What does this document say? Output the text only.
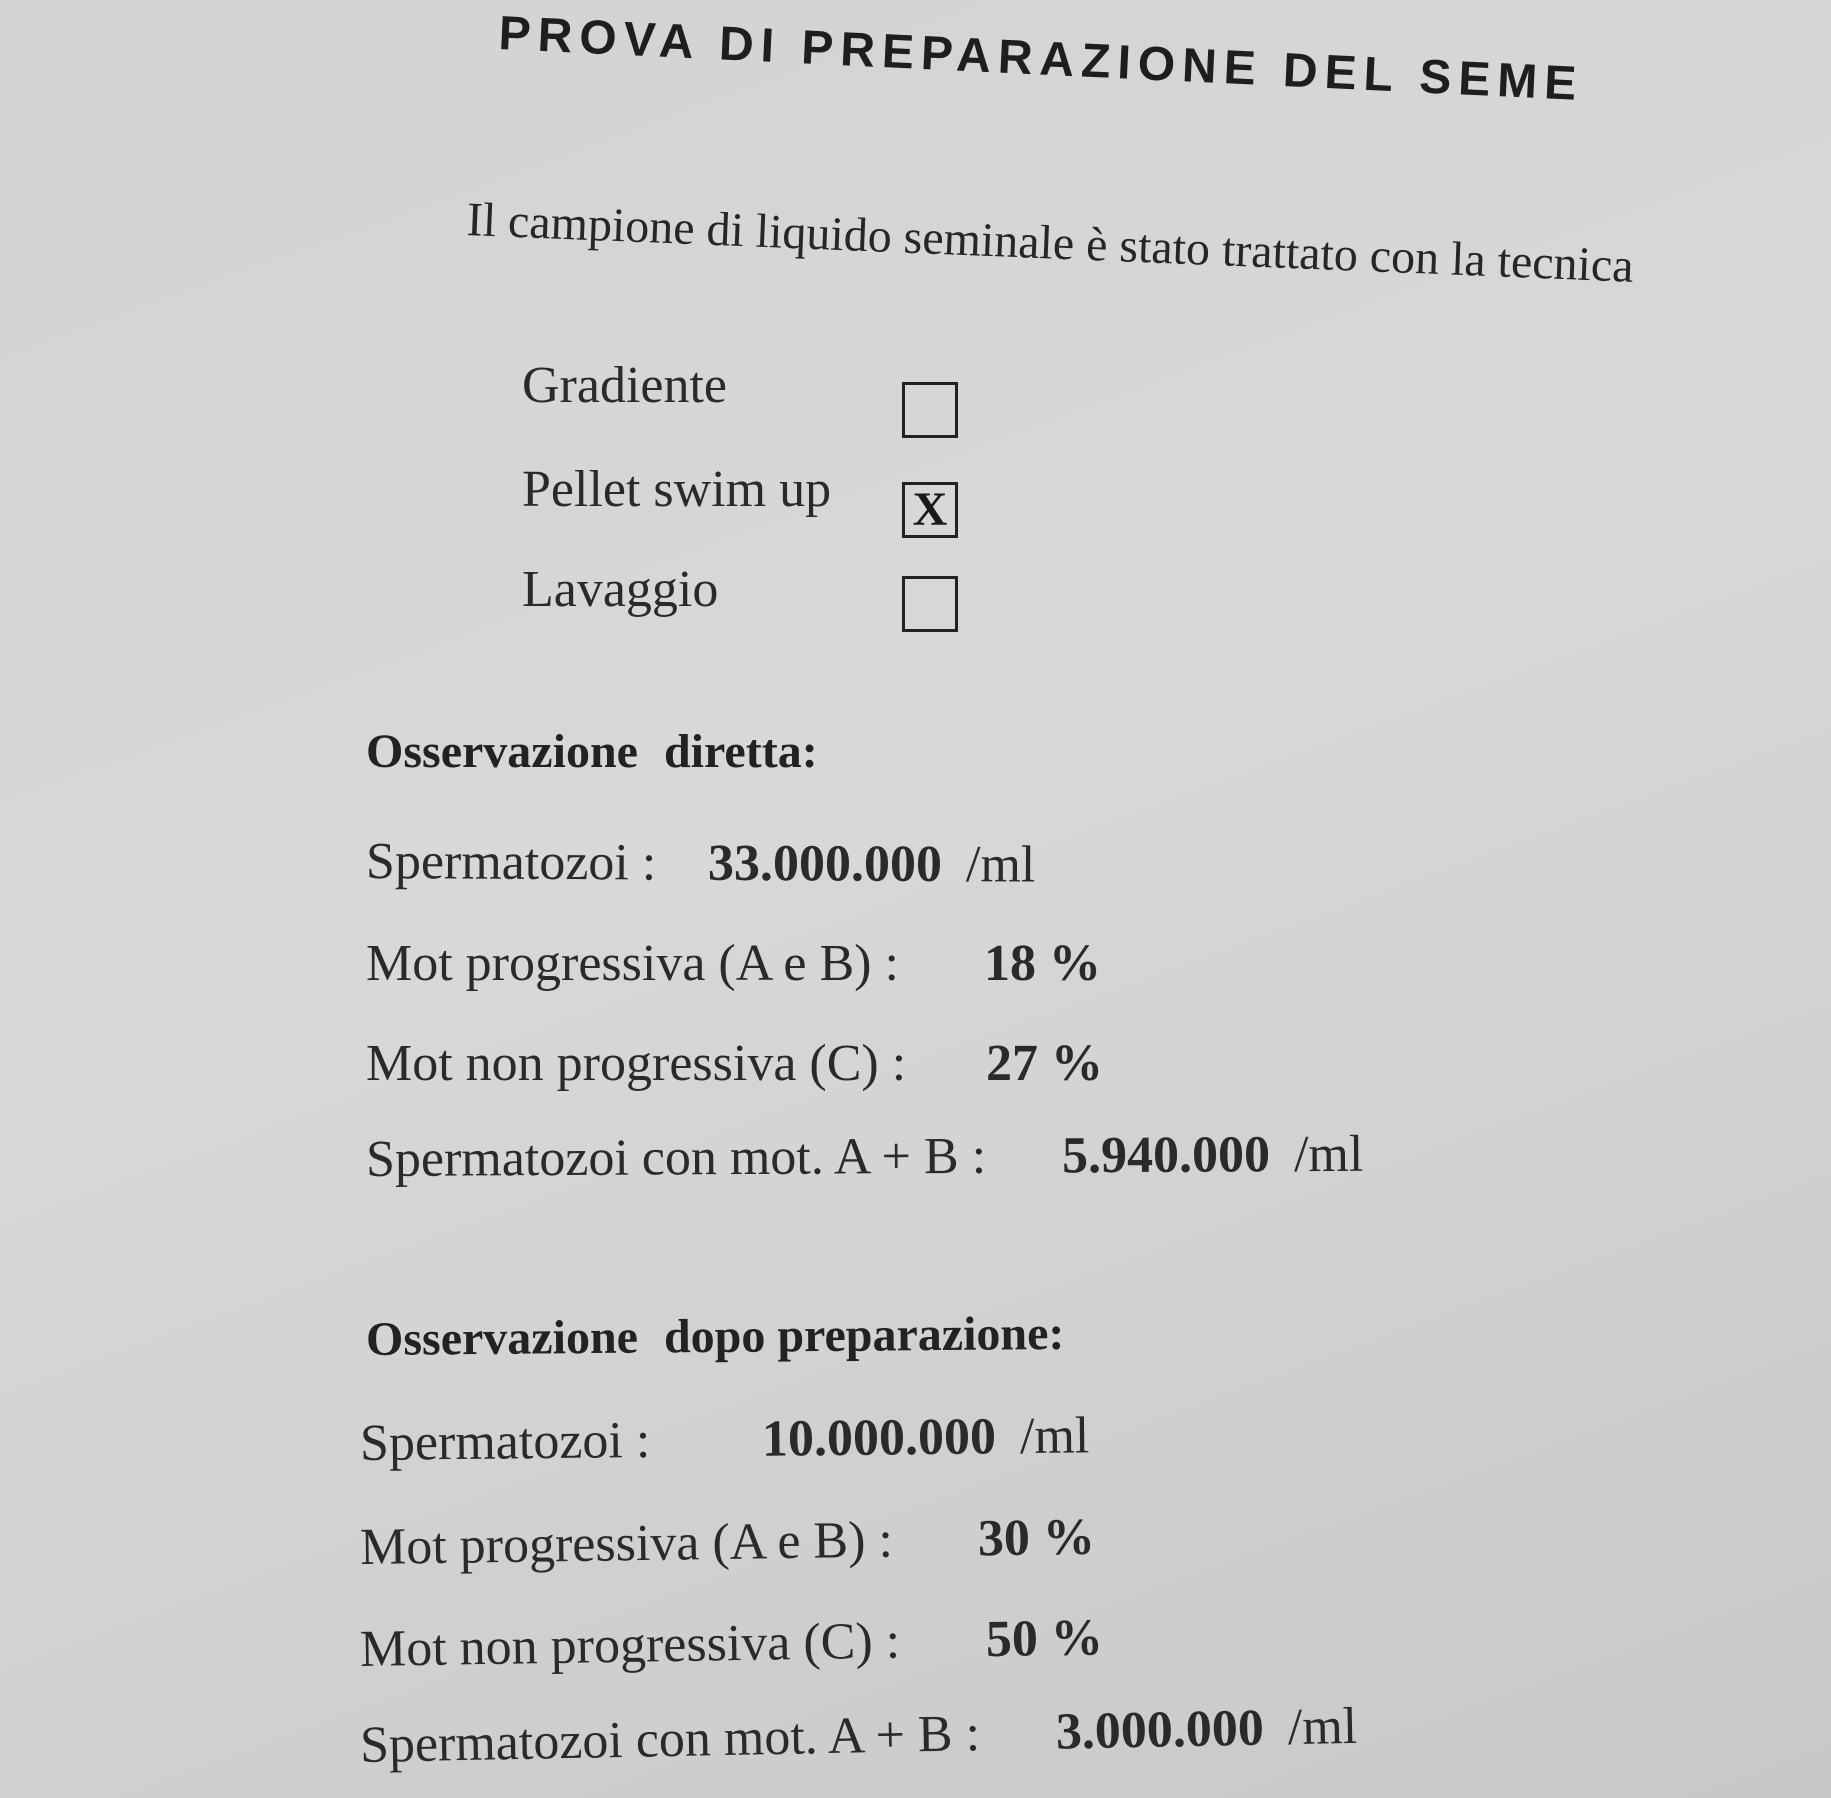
PROVA DI PREPARAZIONE DEL SEME

Il campione di liquido seminale è stato trattato con la tecnica

Gradiente
Pellet swim up X
Lavaggio
Osservazione diretta:
Spermatozoi : 33.000.000 /ml
Mot progressiva (A e B) : 18 %
Mot non progressiva (C) : 27 %
Spermatozoi con mot. A + B : 5.940.000 /ml
Osservazione dopo preparazione:
Spermatozoi : 10.000.000 /ml
Mot progressiva (A e B) : 30 %
Mot non progressiva (C) : 50 %
Spermatozoi con mot. A + B : 3.000.000 /ml
